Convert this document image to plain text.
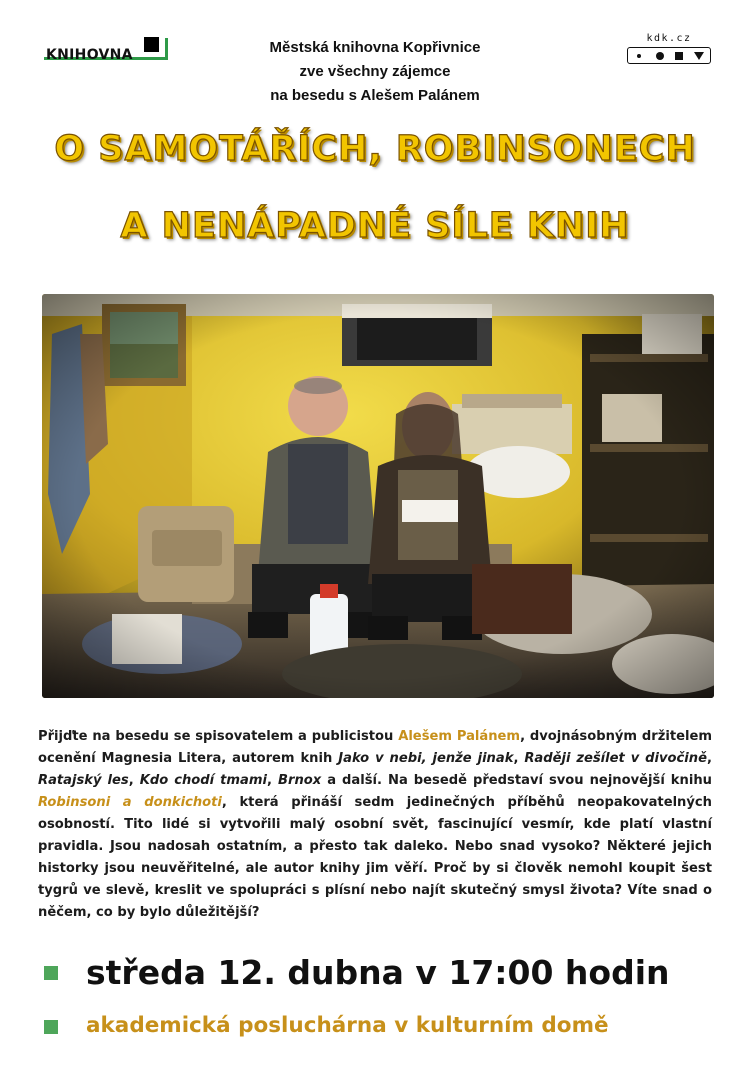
KNIHOVNA	Městská knihovna Kopřivnice
zve všechny zájemce
na besedu s Alešem Palánem
kdk.cz
O SAMOTÁŘÍCH, ROBINSONECH
A NENÁPADNÉ SÍLE KNIH
Přijďte na besedu se spisovatelem a publicistou Alešem Palánem, dvojnásobným držitelem ocenění Magnesia Litera, autorem knih Jako v nebi, jenže jinak, Raději zešílet v divočině, Ratajský les, Kdo chodí tmami, Brnox a další. Na besedě představí svou nejnovější knihu Robinsoni a donkichoti, která přináší sedm jedinečných příběhů neopakovatelných osobností. Tito lidé si vytvořili malý osobní svět, fascinující vesmír, kde platí vlastní pravidla. Jsou nadosah ostatním, a přesto tak daleko. Nebo snad vysoko? Některé jejich historky jsou neuvěřitelné, ale autor knihy jim věří. Proč by si člověk nemohl koupit šest tygrů ve slevě, kreslit ve spolupráci s plísní nebo najít skutečný smysl života? Víte snad o něčem, co by bylo důležitější?
středa 12. dubna v 17:00 hodin
akademická posluchárna v kulturním domě
